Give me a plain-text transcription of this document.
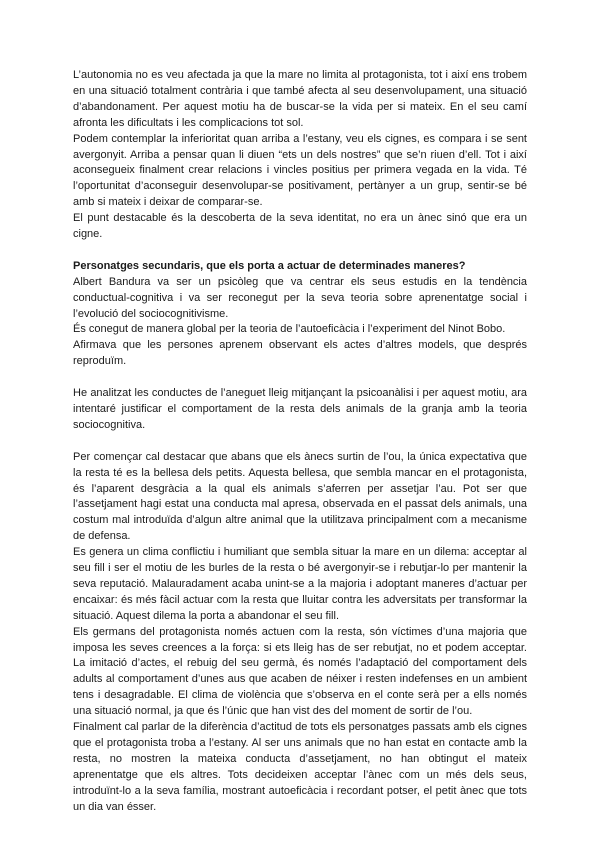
L’autonomia no es veu afectada ja que la mare no limita al protagonista, tot i així ens trobem en una situació totalment contrària i que també afecta al seu desenvolupament, una situació d’abandonament. Per aquest motiu ha de buscar-se la vida per si mateix. En el seu camí afronta les dificultats i les complicacions tot sol.

Podem contemplar la inferioritat quan arriba a l’estany, veu els cignes, es compara i se sent avergonyit. Arriba a pensar quan li diuen “ets un dels nostres” que se’n riuen d’ell. Tot i així aconsegueix finalment crear relacions i vincles positius per primera vegada en la vida. Té l’oportunitat d’aconseguir desenvolupar-se positivament, pertànyer a un grup, sentir-se bé amb si mateix i deixar de comparar-se.

El punt destacable és la descoberta de la seva identitat, no era un ànec sinó que era un cigne.

Personatges secundaris, que els porta a actuar de determinades maneres?

Albert Bandura va ser un psicòleg que va centrar els seus estudis en la tendència conductual-cognitiva i va ser reconegut per la seva teoria sobre aprenentatge social i l’evolució del sociocognitivisme.

És conegut de manera global per la teoria de l’autoeficàcia i l’experiment del Ninot Bobo.

Afirmava que les persones aprenem observant els actes d’altres models, que després reproduïm.

He analitzat les conductes de l’aneguet lleig mitjançant la psicoanàlisi i per aquest motiu, ara intentaré justificar el comportament de la resta dels animals de la granja amb la teoria sociocognitiva.

Per començar cal destacar que abans que els ànecs surtin de l’ou, la única expectativa que la resta té es la bellesa dels petits. Aquesta bellesa, que sembla mancar en el protagonista, és l’aparent desgràcia a la qual els animals s’aferren per assetjar l’au. Pot ser que l’assetjament hagi estat una conducta mal apresa, observada en el passat dels animals, una costum mal introduïda d’algun altre animal que la utilitzava principalment com a mecanisme de defensa.

Es genera un clima conflictiu i humiliant que sembla situar la mare en un dilema: acceptar al seu fill i ser el motiu de les burles de la resta o bé avergonyir-se i rebutjar-lo per mantenir la seva reputació. Malauradament acaba unint-se a la majoria i adoptant maneres d’actuar per encaixar: és més fàcil actuar com la resta que lluitar contra les adversitats per transformar la situació. Aquest dilema la porta a abandonar el seu fill.

Els germans del protagonista només actuen com la resta, són víctimes d’una majoria que imposa les seves creences a la força: si ets lleig has de ser rebutjat, no et podem acceptar. La imitació d’actes, el rebuig del seu germà, és només l’adaptació del comportament dels adults al comportament d’unes aus que acaben de néixer i resten indefenses en un ambient tens i desagradable. El clima de violència que s’observa en el conte serà per a ells només una situació normal, ja que és l’únic que han vist des del moment de sortir de l’ou.

Finalment cal parlar de la diferència d’actitud de tots els personatges passats amb els cignes que el protagonista troba a l’estany. Al ser uns animals que no han estat en contacte amb la resta, no mostren la mateixa conducta d’assetjament, no han obtingut el mateix aprenentatge que els altres. Tots decideixen acceptar l’ànec com un més dels seus, introduïnt-lo a la seva família, mostrant autoeficàcia i recordant potser, el petit ànec que tots un dia van ésser.
